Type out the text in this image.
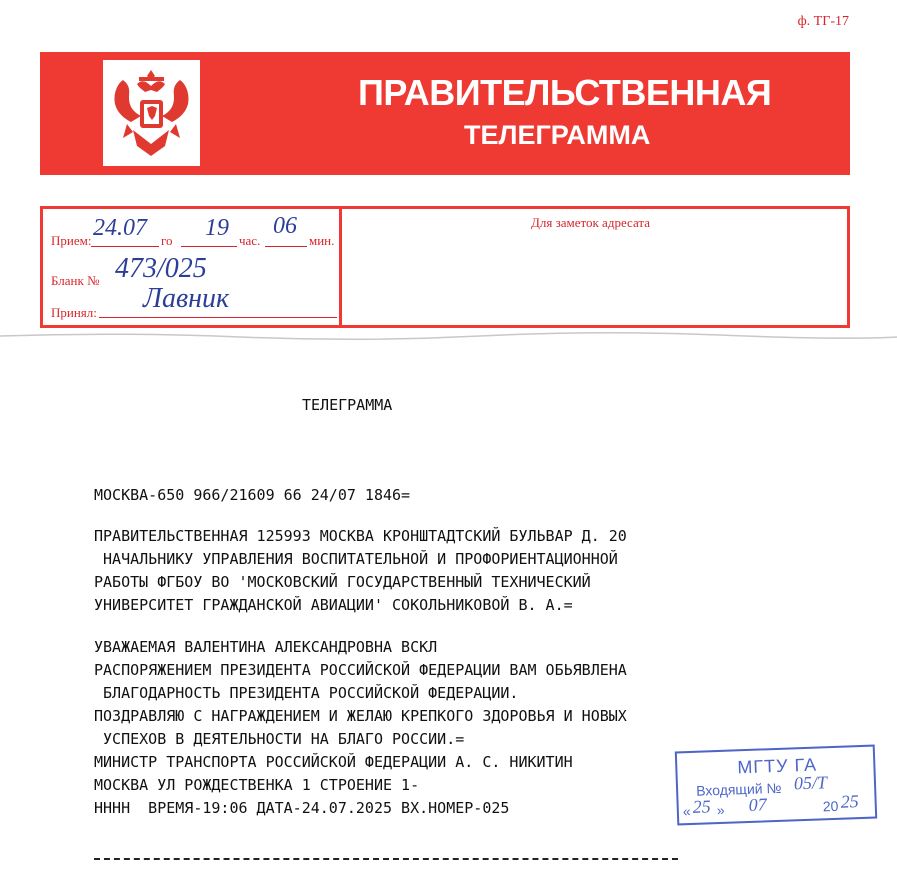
ф. ТГ-17
ПРАВИТЕЛЬСТВЕННАЯ
ТЕЛЕГРАММА
Прием: 24.07 го 19 час.
06
мин.
Бланк № 473/025
Принял: Лавник
Для заметок адресата
ТЕЛЕГРАММА
МОСКВА-650 966/21609 66 24/07 1846=
ПРАВИТЕЛЬСТВЕННАЯ 125993 МОСКВА КРОНШТАДТСКИЙ БУЛЬВАР Д. 20
НАЧАЛЬНИКУ УПРАВЛЕНИЯ ВОСПИТАТЕЛЬНОЙ И ПРОФОРИЕНТАЦИОННОЙ
РАБОТЫ ФГБОУ ВО 'МОСКОВСКИЙ ГОСУДАРСТВЕННЫЙ ТЕХНИЧЕСКИЙ
УНИВЕРСИТЕТ ГРАЖДАНСКОЙ АВИАЦИИ' СОКОЛЬНИКОВОЙ В. А.=
УВАЖАЕМАЯ ВАЛЕНТИНА АЛЕКСАНДРОВНА ВСКЛ
РАСПОРЯЖЕНИЕМ ПРЕЗИДЕНТА РОССИЙСКОЙ ФЕДЕРАЦИИ ВАМ ОБЬЯВЛЕНА
БЛАГОДАРНОСТЬ ПРЕЗИДЕНТА РОССИЙСКОЙ ФЕДЕРАЦИИ.
ПОЗДРАВЛЯЮ С НАГРАЖДЕНИЕМ И ЖЕЛАЮ КРЕПКОГО ЗДОРОВЬЯ И НОВЫХ
УСПЕХОВ В ДЕЯТЕЛЬНОСТИ НА БЛАГО РОССИИ.=
МИНИСТР ТРАНСПОРТА РОССИЙСКОЙ ФЕДЕРАЦИИ А. С. НИКИТИН
МОСКВА УЛ РОЖДЕСТВЕНКА 1 СТРОЕНИЕ 1-
НННН  ВРЕМЯ-19:06 ДАТА-24.07.2025 ВХ.НОМЕР-025
МГТУ ГА
Входящий № 05/Т
« 25 » 07	20 25
